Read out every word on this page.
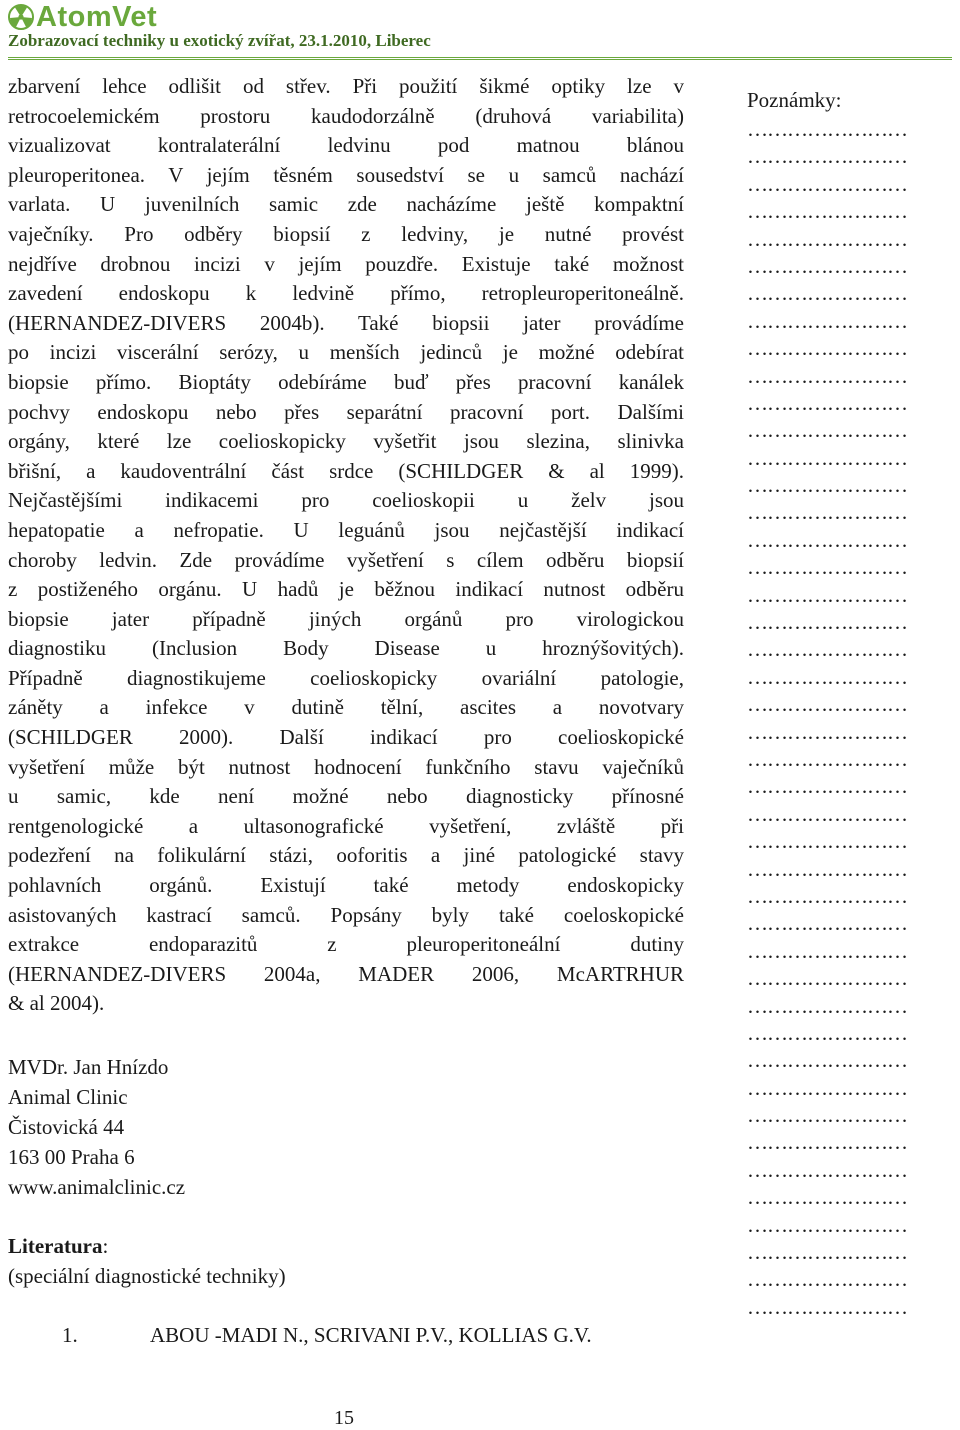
AtomVet
Zobrazovací techniky u exotický zvířat, 23.1.2010, Liberec
zbarvení lehce odlišit od střev. Při použití šikmé optiky lze v
retrocoelemickém prostoru kaudodorzálně (druhová variabilita)
vizualizovat kontralaterální ledvinu pod matnou blánou
pleuroperitonea. V jejím těsném sousedství se u samců nachází
varlata. U juvenilních samic zde nacházíme ještě kompaktní
vaječníky. Pro odběry biopsií z ledviny, je nutné provést
nejdříve drobnou incizi v jejím pouzdře. Existuje také možnost
zavedení endoskopu k ledvině přímo, retropleuroperitoneálně.
(HERNANDEZ-DIVERS 2004b). Také biopsii jater provádíme
po incizi viscerální serózy, u menších jedinců je možné odebírat
biopsie přímo. Bioptáty odebíráme buď přes pracovní kanálek
pochvy endoskopu nebo přes separátní pracovní port. Dalšími
orgány, které lze coelioskopicky vyšetřit jsou slezina, slinivka
břišní, a kaudoventrální část srdce (SCHILDGER & al 1999).
Nejčastějšími indikacemi pro coelioskopii u želv jsou
hepatopatie a nefropatie. U leguánů jsou nejčastější indikací
choroby ledvin. Zde provádíme vyšetření s cílem odběru biopsií
z postiženého orgánu. U hadů je běžnou indikací nutnost odběru
biopsie jater případně jiných orgánů pro virologickou
diagnostiku (Inclusion Body Disease u hroznýšovitých).
Případně diagnostikujeme coelioskopicky ovariální patologie,
záněty a infekce v dutině tělní, ascites a novotvary
(SCHILDGER 2000). Další indikací pro coelioskopické
vyšetření může být nutnost hodnocení funkčního stavu vaječníků
u samic, kde není možné nebo diagnosticky přínosné
rentgenologické a ultasonografické vyšetření, zvláště při
podezření na folikulární stázi, ooforitis a jiné patologické stavy
pohlavních orgánů. Existují také metody endoskopicky
asistovaných kastrací samců. Popsány byly také coeloskopické
extrakce endoparazitů z pleuroperitoneální dutiny
(HERNANDEZ-DIVERS 2004a, MADER 2006, McARTRHUR
& al 2004).
Poznámky:
……………………
……………………
……………………
……………………
……………………
……………………
……………………
……………………
……………………
……………………
……………………
……………………
……………………
……………………
……………………
……………………
……………………
……………………
……………………
……………………
……………………
……………………
……………………
……………………
……………………
……………………
……………………
……………………
……………………
……………………
……………………
……………………
……………………
……………………
……………………
……………………
……………………
……………………
……………………
……………………
……………………
……………………
……………………
……………………
MVDr. Jan Hnízdo
Animal Clinic
Čistovická 44
163 00 Praha 6
www.animalclinic.cz
Literatura:
(speciální diagnostické techniky)
1.	ABOU -MADI N., SCRIVANI P.V., KOLLIAS G.V.
15
